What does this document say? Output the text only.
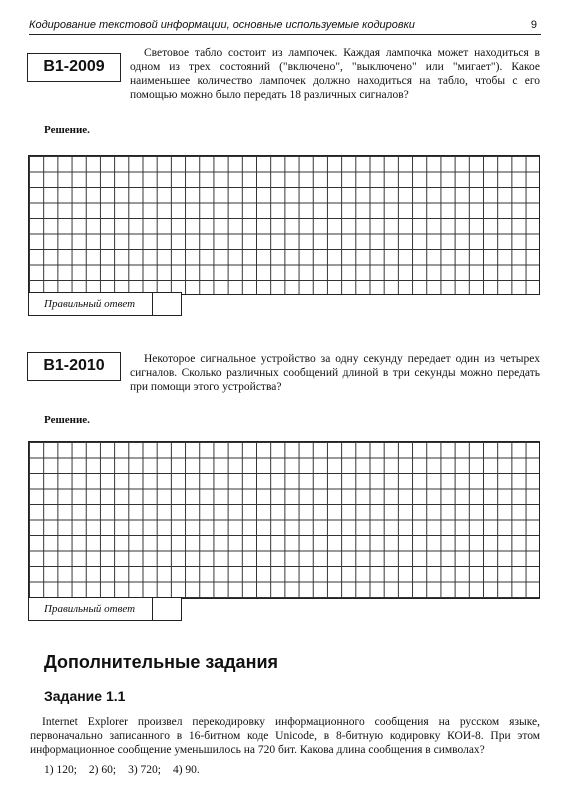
Кодирование текстовой информации, основные используемые кодировки	9
В1-2009

Световое табло состоит из лампочек. Каждая лампочка может находиться в одном из трех состояний ("включено", "выключено" или "мигает"). Какое наименьшее количество лампочек должно находиться на табло, чтобы с его помощью можно было передать 18 различных сигналов?

Решение.
Правильный ответ
В1-2010	Некоторое сигнальное устройство за одну секунду передает один из четырех сигналов. Сколько различных сообщений длиной в три секунды можно передать при помощи этого устройства?

Решение.
Правильный ответ
Дополнительные задания
Задание 1.1

Internet Explorer произвел перекодировку информационного сообщения на русском языке, первоначально записанного в 16-битном коде Unicode, в 8-битную кодировку КОИ-8. При этом информационное сообщение уменьшилось на 720 бит. Какова длина сообщения в символах?

1) 120; 2) 60; 3) 720; 4) 90.
